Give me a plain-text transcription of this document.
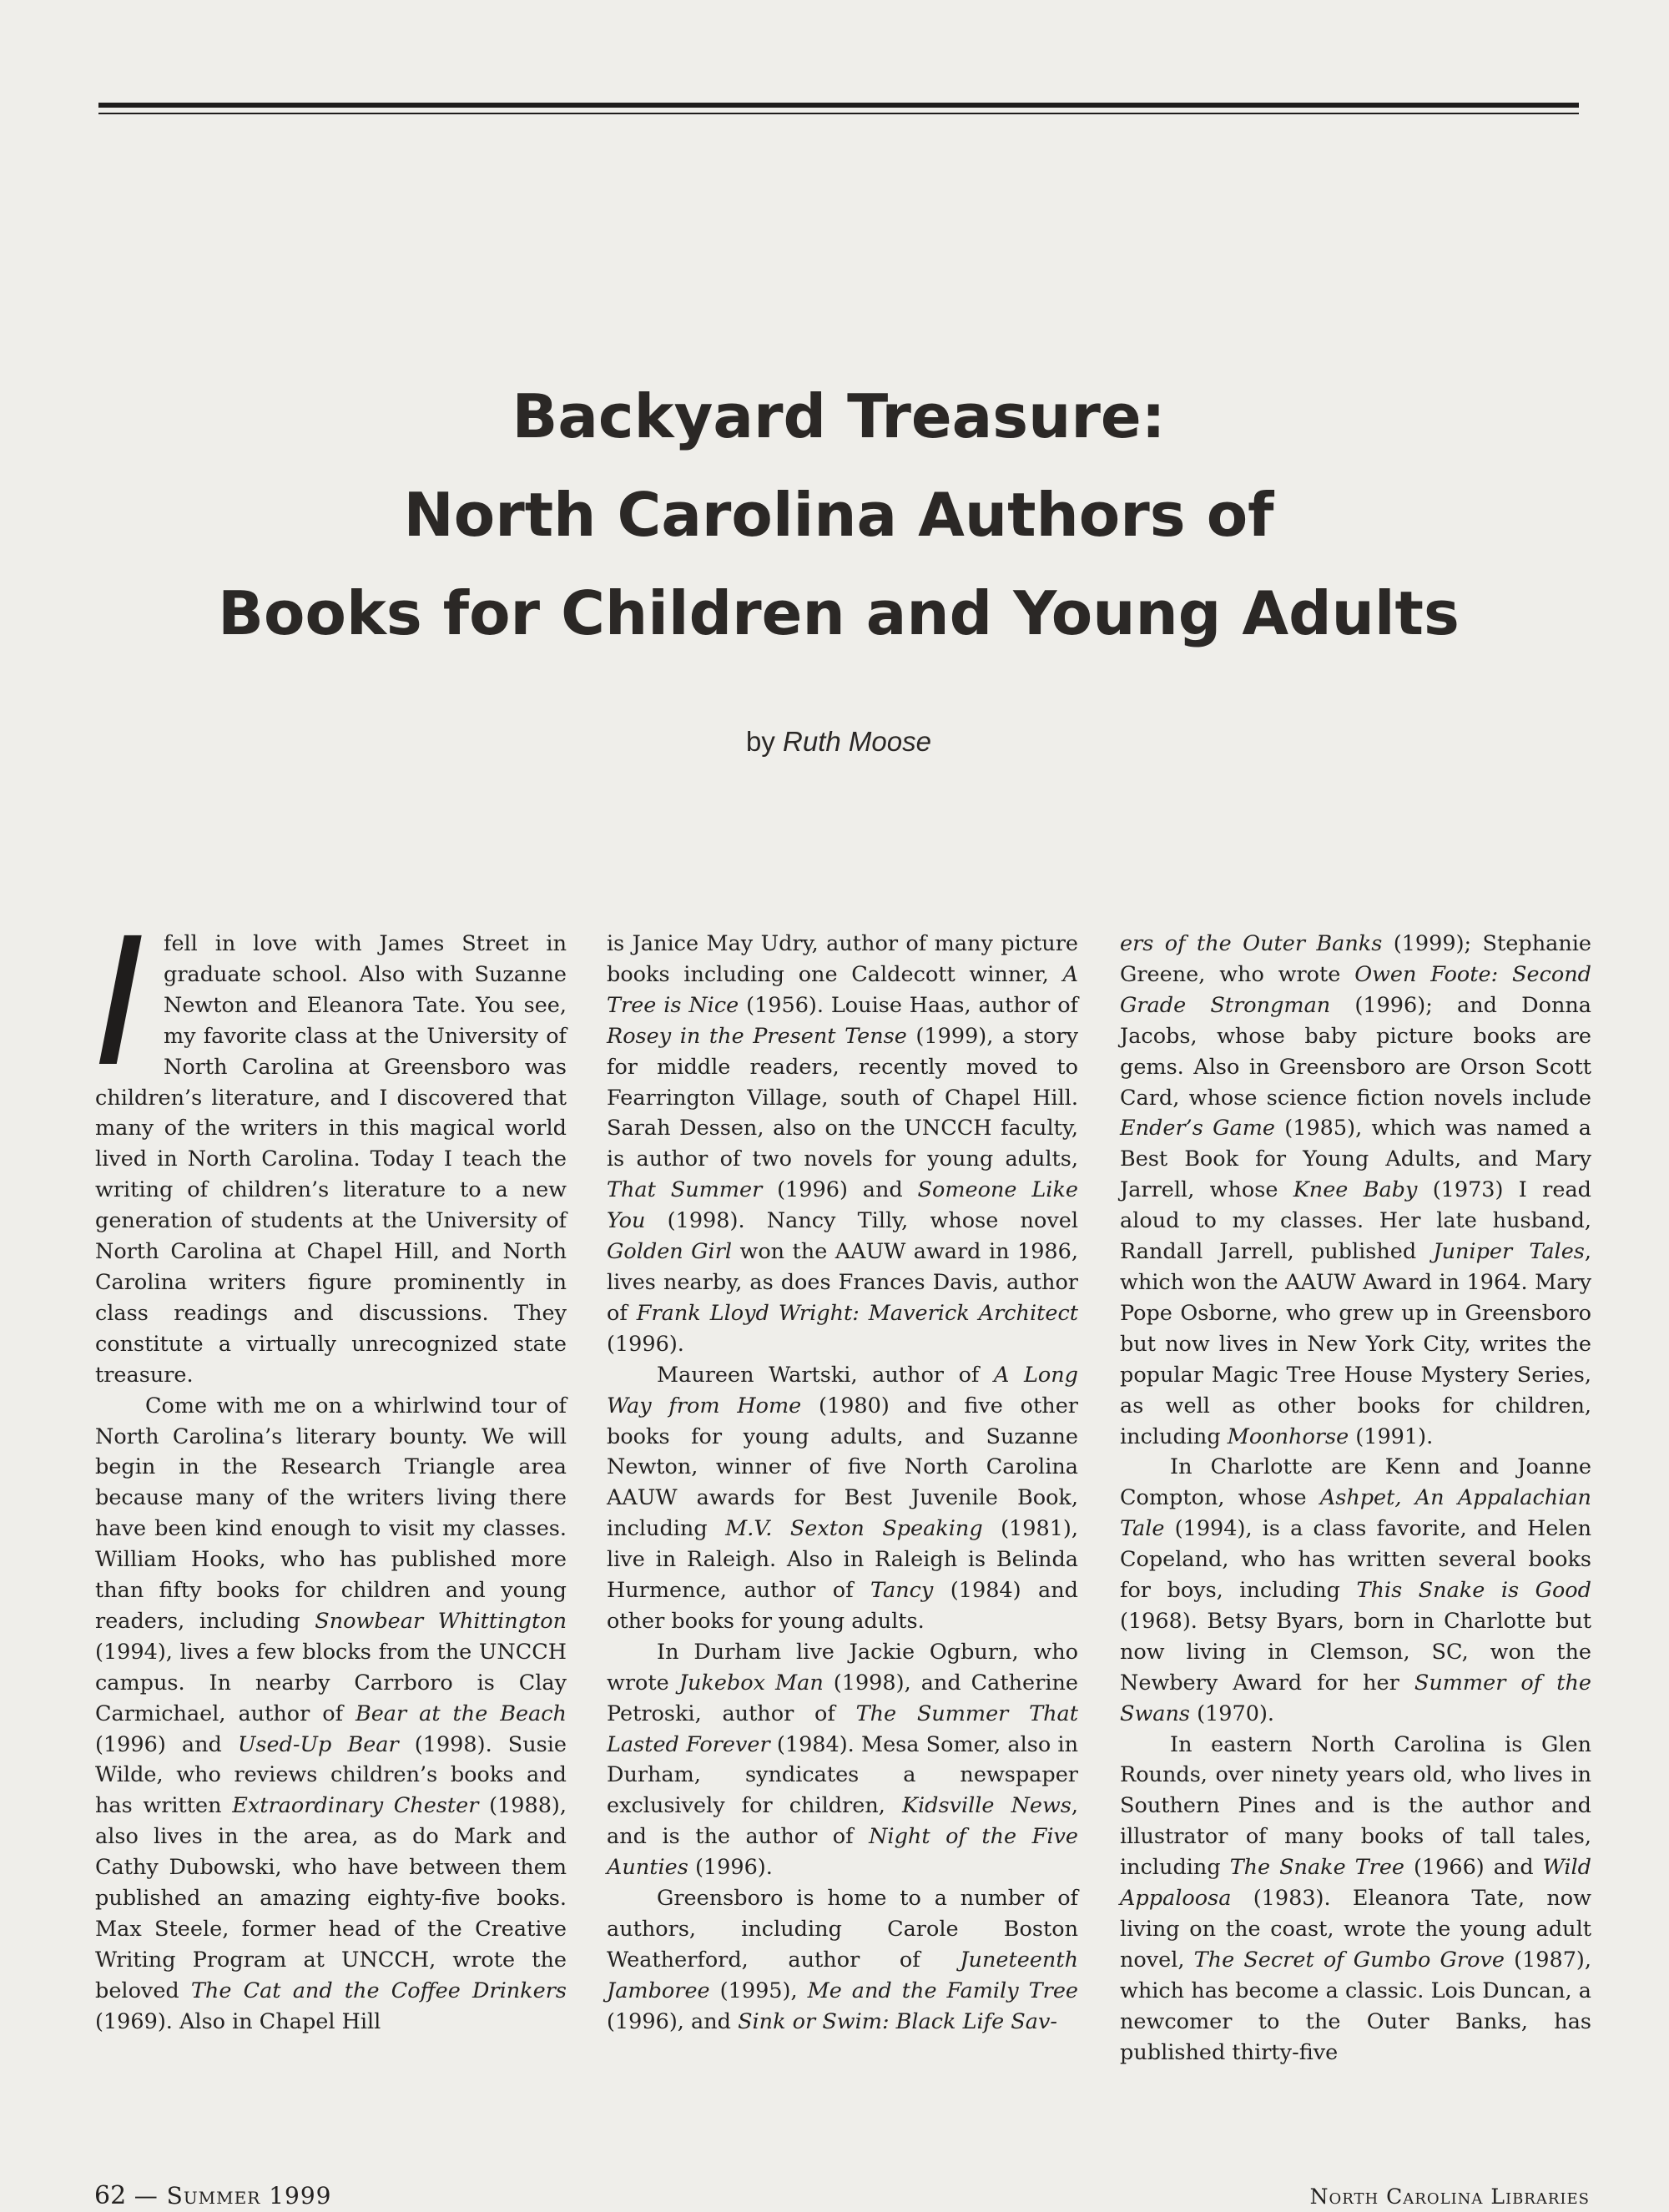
Backyard Treasure:
North Carolina Authors of
Books for Children and Young Adults
by Ruth Moose

Ifell in love with James Street in graduate school. Also with Suzanne Newton and Eleanora Tate. You see, my favorite class at the University of North Carolina at Greensboro was children’s literature, and I discovered that many of the writers in this magical world lived in North Carolina. Today I teach the writing of children’s literature to a new generation of students at the University of North Carolina at Chapel Hill, and North Carolina writers figure prominently in class readings and discussions. They constitute a virtually unrecognized state treasure.

Come with me on a whirlwind tour of North Carolina’s literary bounty. We will begin in the Research Triangle area because many of the writers living there have been kind enough to visit my classes. William Hooks, who has published more than fifty books for children and young readers, including Snowbear Whittington (1994), lives a few blocks from the UNCCH campus. In nearby Carrboro is Clay Carmichael, author of Bear at the Beach (1996) and Used-Up Bear (1998). Susie Wilde, who reviews children’s books and has written Extraordinary Chester (1988), also lives in the area, as do Mark and Cathy Dubowski, who have between them published an amazing eighty-five books. Max Steele, former head of the Creative Writing Program at UNCCH, wrote the beloved The Cat and the Coffee Drinkers (1969). Also in Chapel Hill

is Janice May Udry, author of many picture books including one Caldecott winner, A Tree is Nice (1956). Louise Haas, author of Rosey in the Present Tense (1999), a story for middle readers, recently moved to Fearrington Village, south of Chapel Hill. Sarah Dessen, also on the UNCCH faculty, is author of two novels for young adults, That Summer (1996) and Someone Like You (1998). Nancy Tilly, whose novel Golden Girl won the AAUW award in 1986, lives nearby, as does Frances Davis, author of Frank Lloyd Wright: Maverick Architect (1996).

Maureen Wartski, author of A Long Way from Home (1980) and five other books for young adults, and Suzanne Newton, winner of five North Carolina AAUW awards for Best Juvenile Book, including M.V. Sexton Speaking (1981), live in Raleigh. Also in Raleigh is Belinda Hurmence, author of Tancy (1984) and other books for young adults.

In Durham live Jackie Ogburn, who wrote Jukebox Man (1998), and Catherine Petroski, author of The Summer That Lasted Forever (1984). Mesa Somer, also in Durham, syndicates a newspaper exclusively for children, Kidsville News, and is the author of Night of the Five Aunties (1996).

Greensboro is home to a number of authors, including Carole Boston Weatherford, author of Juneteenth Jamboree (1995), Me and the Family Tree (1996), and Sink or Swim: Black Life Sav-

ers of the Outer Banks (1999); Stephanie Greene, who wrote Owen Foote: Second Grade Strongman (1996); and Donna Jacobs, whose baby picture books are gems. Also in Greensboro are Orson Scott Card, whose science fiction novels include Ender’s Game (1985), which was named a Best Book for Young Adults, and Mary Jarrell, whose Knee Baby (1973) I read aloud to my classes. Her late husband, Randall Jarrell, published Juniper Tales, which won the AAUW Award in 1964. Mary Pope Osborne, who grew up in Greensboro but now lives in New York City, writes the popular Magic Tree House Mystery Series, as well as other books for children, including Moonhorse (1991).

In Charlotte are Kenn and Joanne Compton, whose Ashpet, An Appalachian Tale (1994), is a class favorite, and Helen Copeland, who has written several books for boys, including This Snake is Good (1968). Betsy Byars, born in Charlotte but now living in Clemson, SC, won the Newbery Award for her Summer of the Swans (1970).

In eastern North Carolina is Glen Rounds, over ninety years old, who lives in Southern Pines and is the author and illustrator of many books of tall tales, including The Snake Tree (1966) and Wild Appaloosa (1983). Eleanora Tate, now living on the coast, wrote the young adult novel, The Secret of Gumbo Grove (1987), which has become a classic. Lois Duncan, a newcomer to the Outer Banks, has published thirty-five

62 — Summer 1999	North Carolina Libraries
